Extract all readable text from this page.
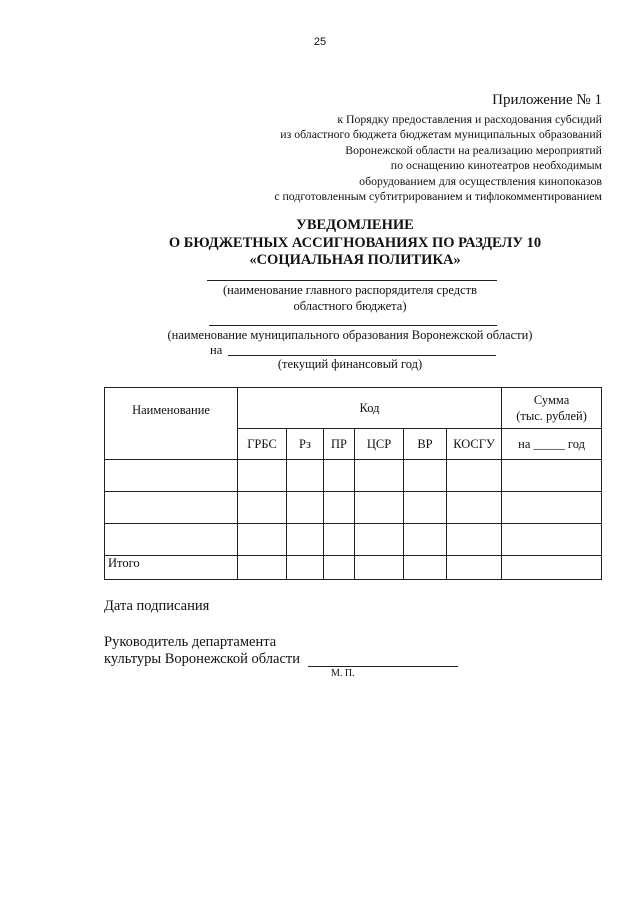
25
Приложение № 1
к Порядку предоставления и расходования субсидий
из областного бюджета бюджетам муниципальных образований
Воронежской области на реализацию мероприятий
по оснащению кинотеатров необходимым
оборудованием для осуществления кинопоказов
с подготовленным субтитрированием и тифлокомментированием
УВЕДОМЛЕНИЕ
О БЮДЖЕТНЫХ АССИГНОВАНИЯХ ПО РАЗДЕЛУ 10
«СОЦИАЛЬНАЯ ПОЛИТИКА»
(наименование главного распорядителя средств
областного бюджета)
(наименование муниципального образования Воронежской области)
на
(текущий финансовый год)
Наименование	Код						Сумма
(тыс. рублей)

	ГРБС	Рз	ПР	ЦСР	ВР	КОСГУ	на _____ год

Итого							
Дата подписания
Руководитель департамента
культуры Воронежской области
М. П.
